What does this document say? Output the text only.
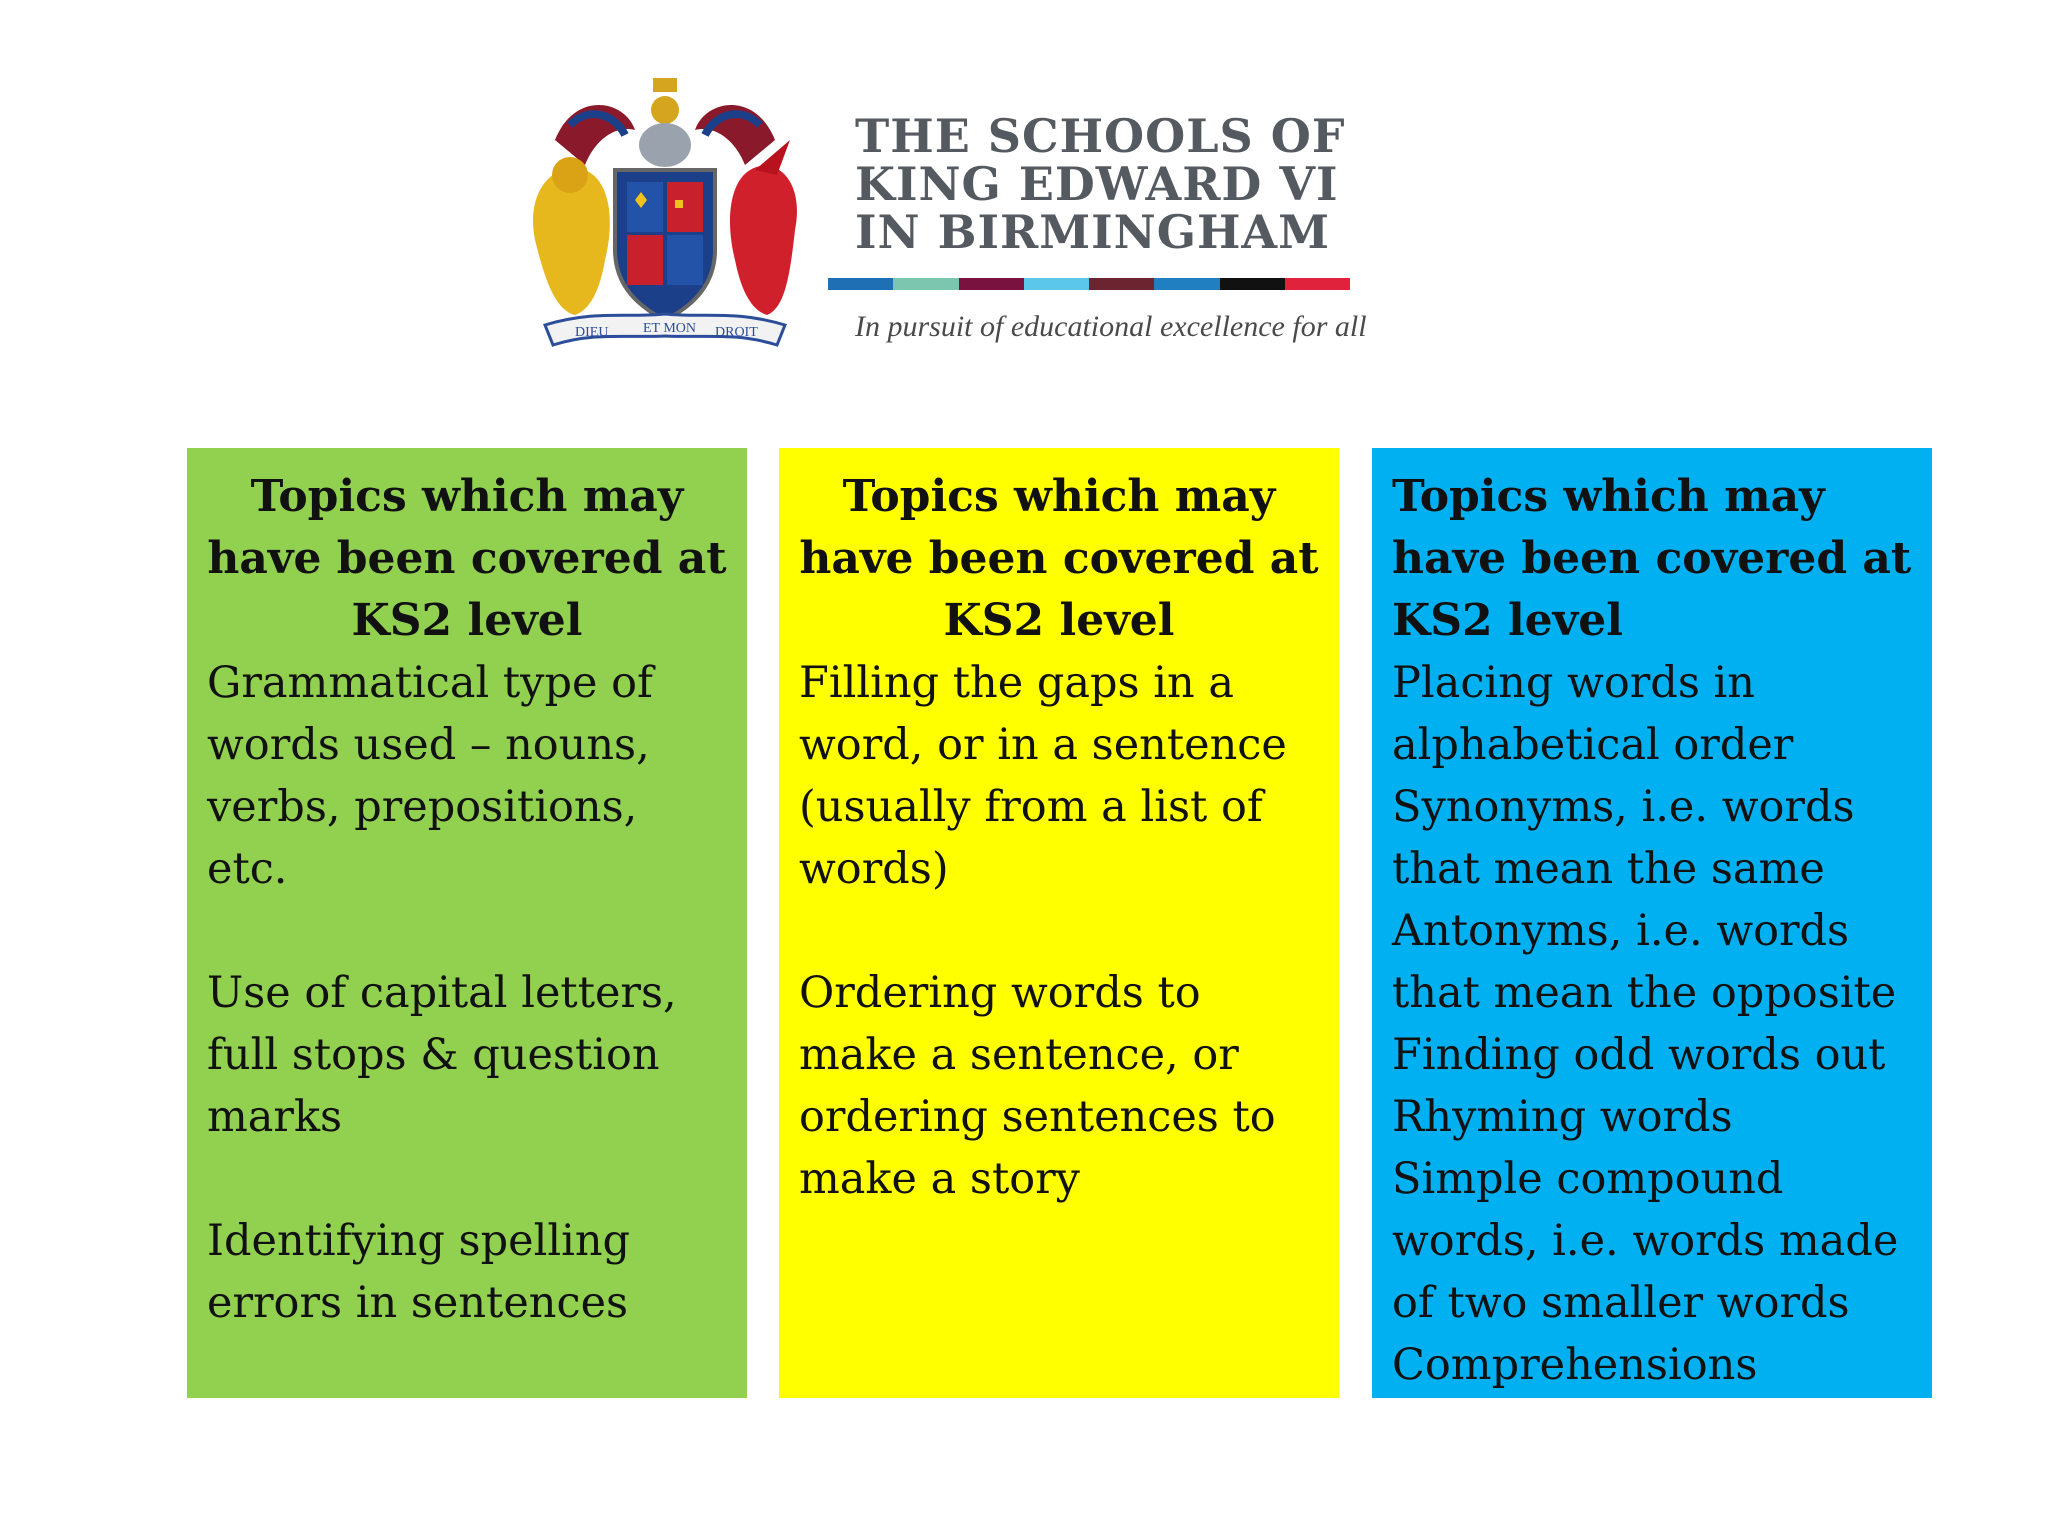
DIEU ET MON DROIT
THE SCHOOLS OF
KING EDWARD VI
IN BIRMINGHAM
In pursuit of educational excellence for all
Topics which may
have been covered at
KS2 level
Grammatical type of
words used – nouns,
verbs, prepositions,
etc.
Use of capital letters,
full stops & question
marks
Identifying spelling
errors in sentences
Topics which may
have been covered at
KS2 level
Filling the gaps in a
word, or in a sentence
(usually from a list of
words)
Ordering words to
make a sentence, or
ordering sentences to
make a story
Topics which may
have been covered at
KS2 level
Placing words in
alphabetical order
Synonyms, i.e. words
that mean the same
Antonyms, i.e. words
that mean the opposite
Finding odd words out
Rhyming words
Simple compound
words, i.e. words made
of two smaller words
Comprehensions
